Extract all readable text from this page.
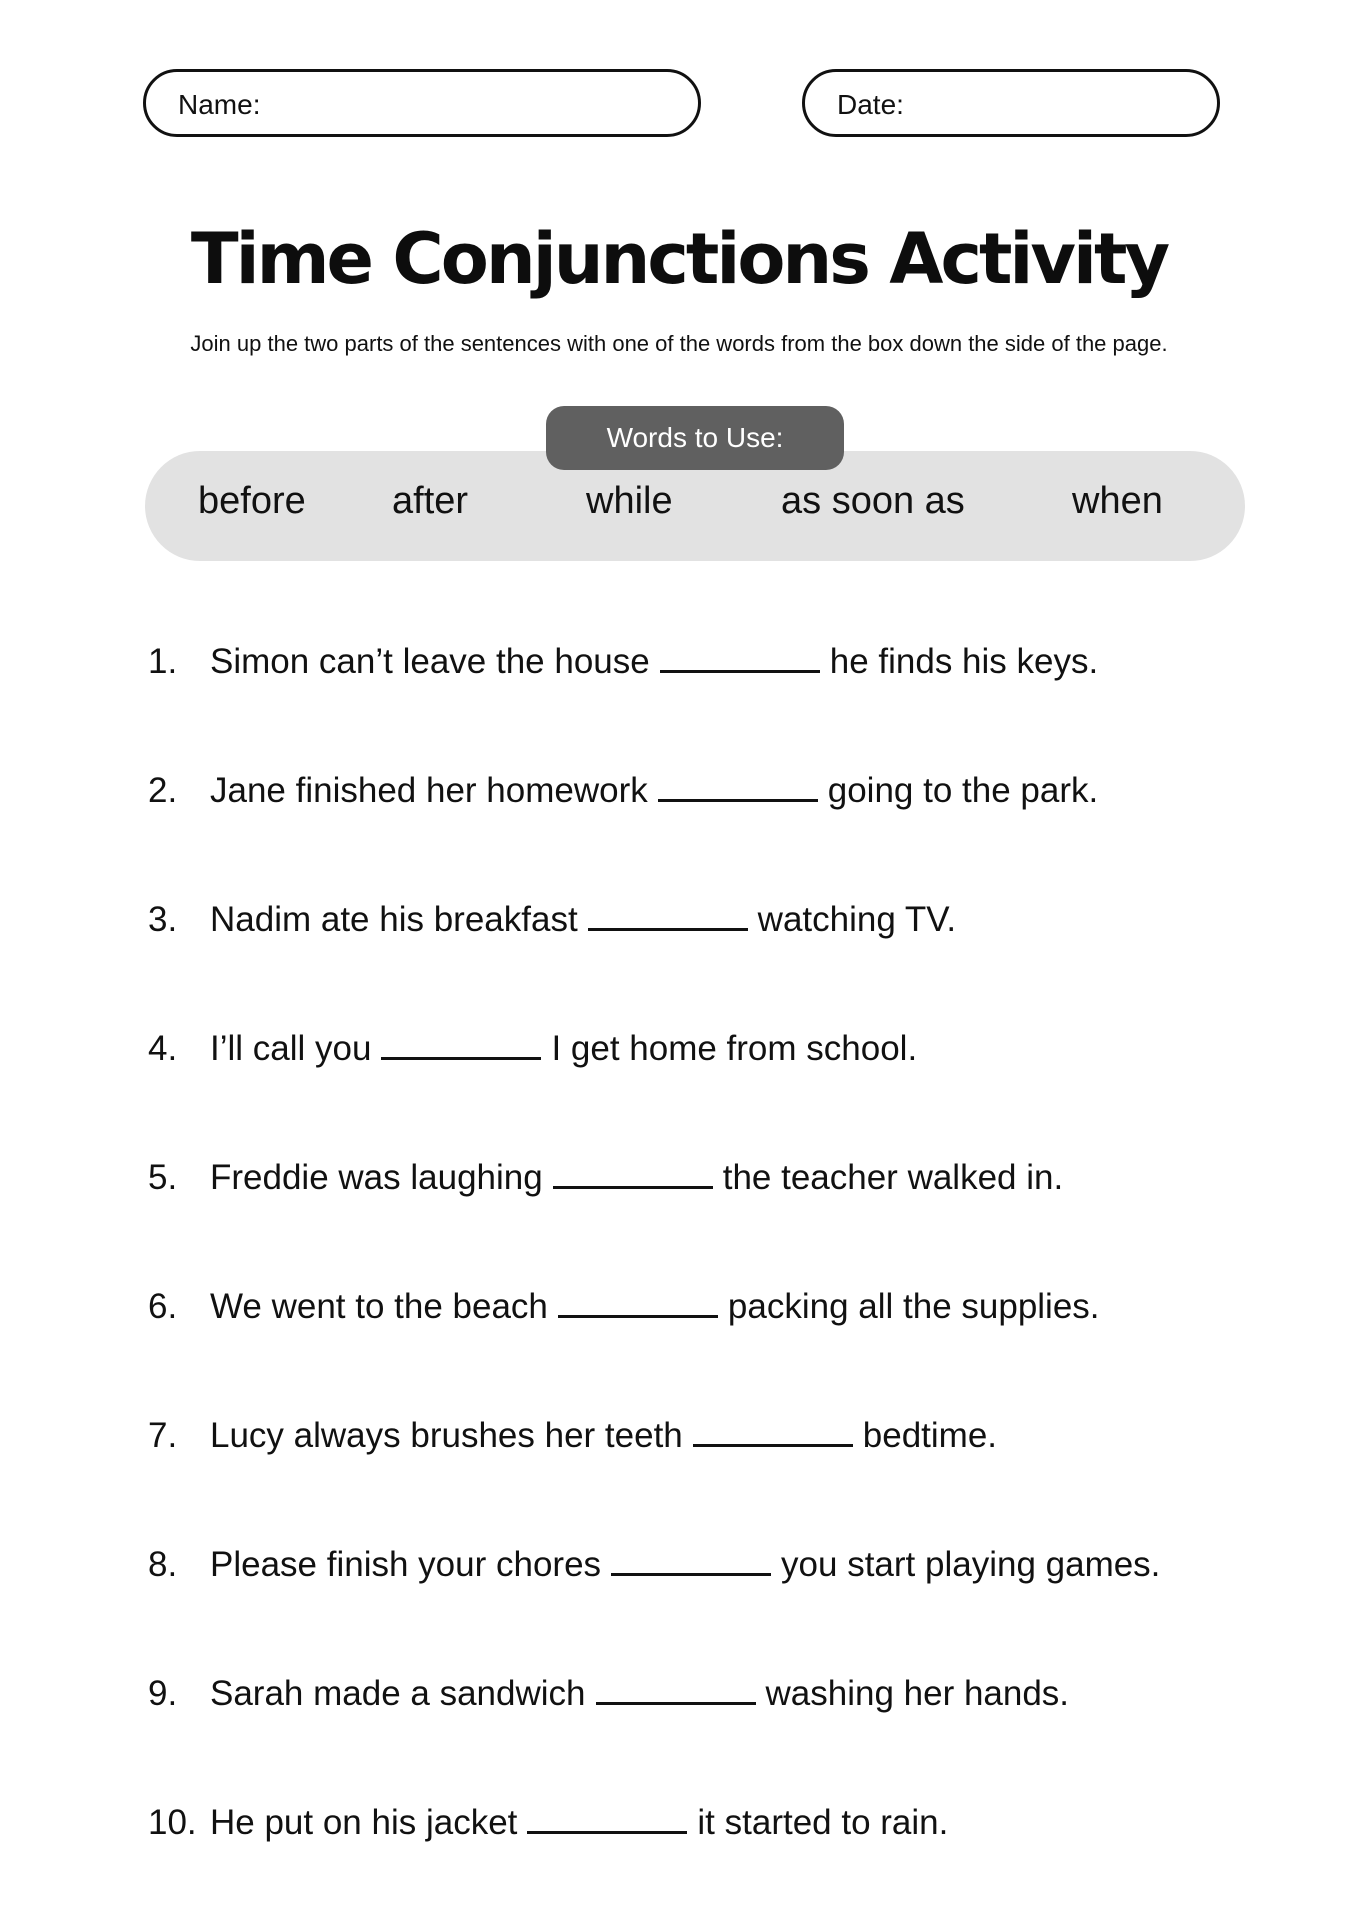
Name:	Date:
Time Conjunctions Activity
Join up the two parts of the sentences with one of the words from the box down the side of the page.
Words to Use:
before after	while	as soon as	when
1. Simon can’t leave the house	he finds his keys.
2. Jane finished her homework	going to the park.
3. Nadim ate his breakfast	watching TV.
4. I’ll call you	I get home from school.
5. Freddie was laughing	the teacher walked in.
6. We went to the beach	packing all the supplies.
7. Lucy always brushes her teeth	bedtime.
8. Please finish your chores	you start playing games.
9. Sarah made a sandwich	washing her hands.
10. He put on his jacket	it started to rain.
